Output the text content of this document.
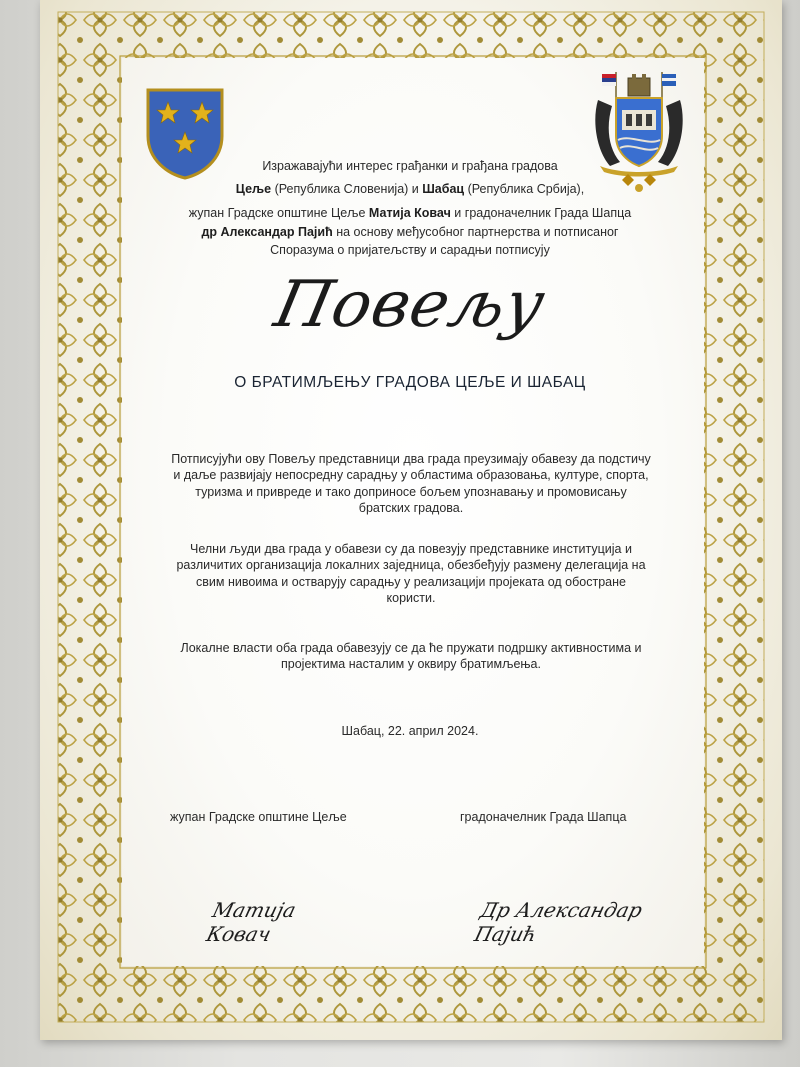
Изражавајући интерес грађанки и грађана градова
Цеље (Република Словенија) и Шабац (Република Србија),
жупан Градске општине Цеље Матија Ковач и градоначелник Града Шапца
др Александар Пајић на основу међусобног партнерства и потписаног
Споразума о пријатељству и сарадњи потписују
Повељу
О БРАТИМЉЕЊУ ГРАДОВА ЦЕЉЕ И ШАБАЦ
Потписујући ову Повељу представници два града преузимају обавезу да подстичу и даље развијају непосредну сарадњу у областима образовања, културе, спорта, туризма и привреде и тако доприносе бољем упознавању и промовисању братских градова.
Челни људи два града у обавези су да повезују представнике институција и различитих организација локалних заједница, обезбеђују размену делегација на свим нивоима и остварују сарадњу у реализацији пројеката од обостране користи.
Локалне власти оба града обавезују се да ће пружати подршку активностима и пројектима насталим у оквиру братимљења.
Шабац, 22. април 2024.
жупан Градске општине Цеље	градоначелник Града Шапца
Матија Ковач
Др Александар Пајић
